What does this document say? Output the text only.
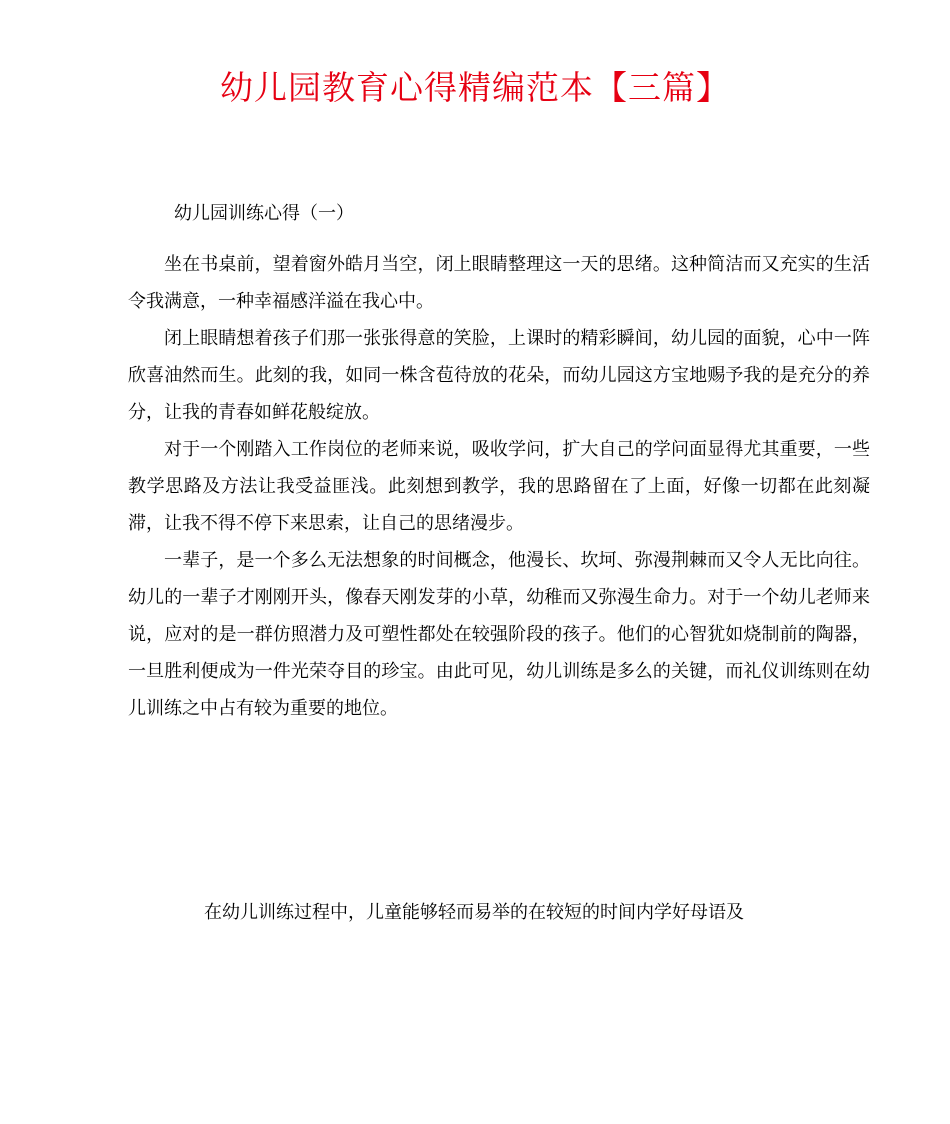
幼儿园教育心得精编范本【三篇】
幼儿园训练心得（一）

坐在书桌前，望着窗外皓月当空，闭上眼睛整理这一天的思绪。这种简洁而又充实的生活令我满意，一种幸福感洋溢在我心中。

闭上眼睛想着孩子们那一张张得意的笑脸，上课时的精彩瞬间，幼儿园的面貌，心中一阵欣喜油然而生。此刻的我，如同一株含苞待放的花朵，而幼儿园这方宝地赐予我的是充分的养分，让我的青春如鲜花般绽放。

对于一个刚踏入工作岗位的老师来说，吸收学问，扩大自己的学问面显得尤其重要，一些教学思路及方法让我受益匪浅。此刻想到教学，我的思路留在了上面，好像一切都在此刻凝滞，让我不得不停下来思索，让自己的思绪漫步。

一辈子，是一个多么无法想象的时间概念，他漫长、坎坷、弥漫荆棘而又令人无比向往。幼儿的一辈子才刚刚开头，像春天刚发芽的小草，幼稚而又弥漫生命力。对于一个幼儿老师来说，应对的是一群仿照潜力及可塑性都处在较强阶段的孩子。他们的心智犹如烧制前的陶器，一旦胜利便成为一件光荣夺目的珍宝。由此可见，幼儿训练是多么的关键，而礼仪训练则在幼儿训练之中占有较为重要的地位。

在幼儿训练过程中，儿童能够轻而易举的在较短的时间内学好母语及
